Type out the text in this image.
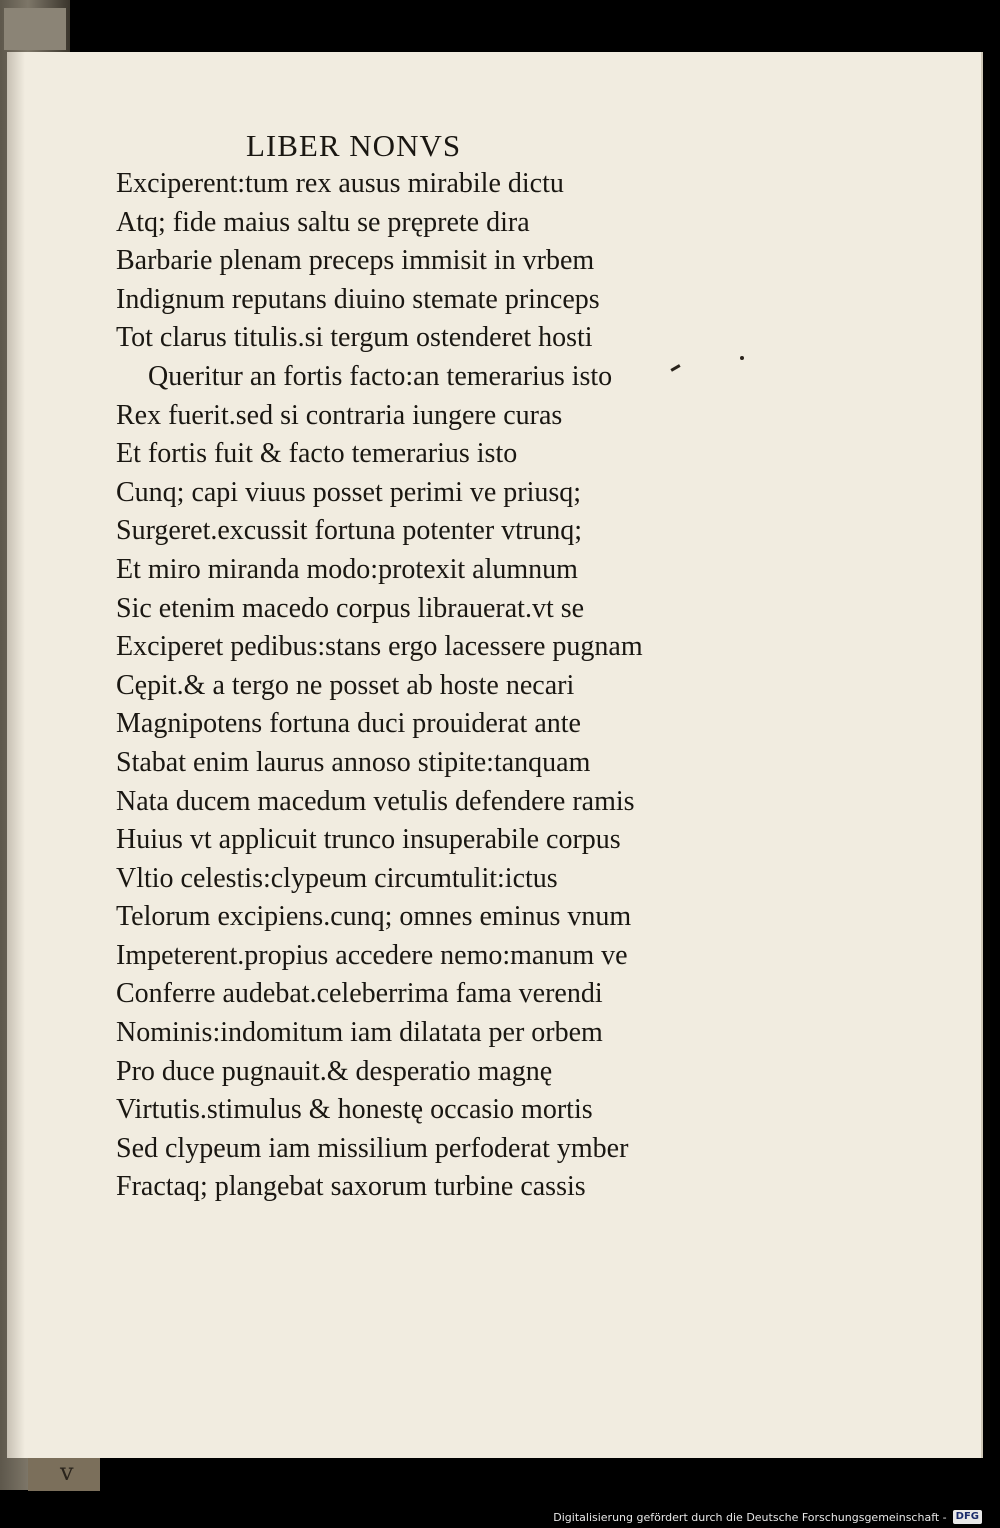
v
LIBER NONVS
Exciperent:tum rex ausus mirabile dictu
Atq; fide maius saltu se pręprete dira
Barbarie plenam preceps immisit in vrbem
Indignum reputans diuino stemate princeps
Tot clarus titulis.si tergum ostenderet hosti
Queritur an fortis facto:an temerarius isto
Rex fuerit.sed si contraria iungere curas
Et fortis fuit & facto temerarius isto
Cunq; capi viuus posset perimi ve priusq;
Surgeret.excussit fortuna potenter vtrunq;
Et miro miranda modo:protexit alumnum
Sic etenim macedo corpus librauerat.vt se
Exciperet pedibus:stans ergo lacessere pugnam
Cępit.& a tergo ne posset ab hoste necari
Magnipotens fortuna duci prouiderat ante
Stabat enim laurus annoso stipite:tanquam
Nata ducem macedum vetulis defendere ramis
Huius vt applicuit trunco insuperabile corpus
Vltio celestis:clypeum circumtulit:ictus
Telorum excipiens.cunq; omnes eminus vnum
Impeterent.propius accedere nemo:manum ve
Conferre audebat.celeberrima fama verendi
Nominis:indomitum iam dilatata per orbem
Pro duce pugnauit.& desperatio magnę
Virtutis.stimulus & honestę occasio mortis
Sed clypeum iam missilium perfoderat ymber
Fractaq; plangebat saxorum turbine cassis
Digitalisierung gefördert durch die Deutsche Forschungsgemeinschaft - DFG
